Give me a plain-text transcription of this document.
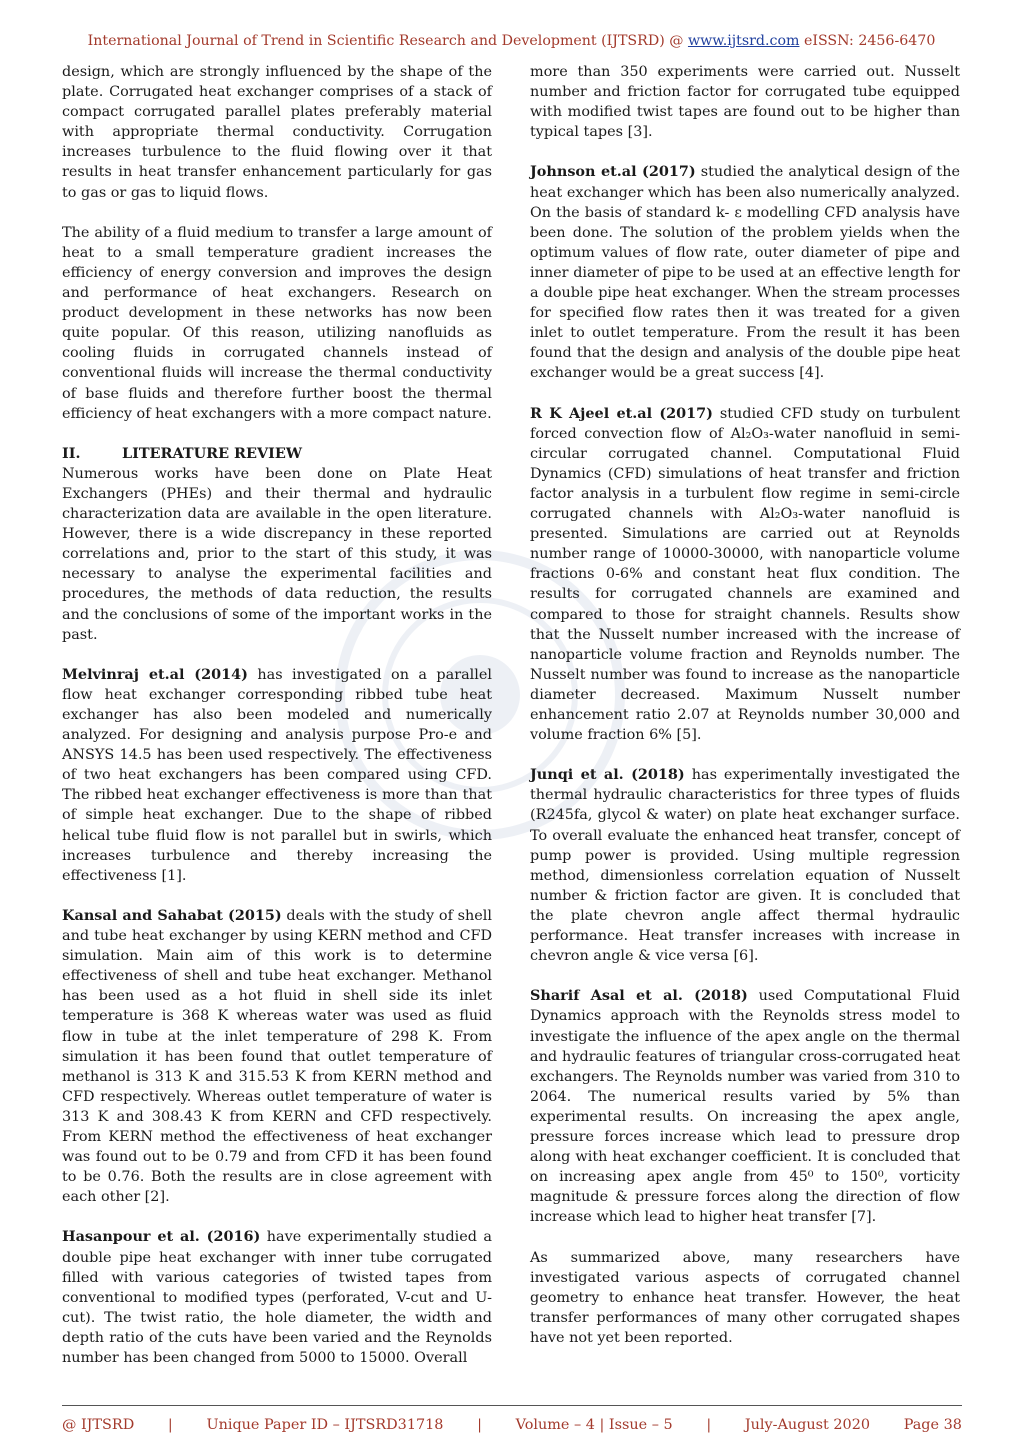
International Journal of Trend in Scientific Research and Development (IJTSRD) @ www.ijtsrd.com eISSN: 2456-6470

design, which are strongly influenced by the shape of the plate. Corrugated heat exchanger comprises of a stack of compact corrugated parallel plates preferably material with appropriate thermal conductivity. Corrugation increases turbulence to the fluid flowing over it that results in heat transfer enhancement particularly for gas to gas or gas to liquid flows.

The ability of a fluid medium to transfer a large amount of heat to a small temperature gradient increases the efficiency of energy conversion and improves the design and performance of heat exchangers. Research on product development in these networks has now been quite popular. Of this reason, utilizing nanofluids as cooling fluids in corrugated channels instead of conventional fluids will increase the thermal conductivity of base fluids and therefore further boost the thermal efficiency of heat exchangers with a more compact nature.

II.	LITERATURE REVIEW

Numerous works have been done on Plate Heat Exchangers (PHEs) and their thermal and hydraulic characterization data are available in the open literature. However, there is a wide discrepancy in these reported correlations and, prior to the start of this study, it was necessary to analyse the experimental facilities and procedures, the methods of data reduction, the results and the conclusions of some of the important works in the past.

Melvinraj et.al (2014) has investigated on a parallel flow heat exchanger corresponding ribbed tube heat exchanger has also been modeled and numerically analyzed. For designing and analysis purpose Pro-e and ANSYS 14.5 has been used respectively. The effectiveness of two heat exchangers has been compared using CFD. The ribbed heat exchanger effectiveness is more than that of simple heat exchanger. Due to the shape of ribbed helical tube fluid flow is not parallel but in swirls, which increases turbulence and thereby increasing the effectiveness [1].

Kansal and Sahabat (2015) deals with the study of shell and tube heat exchanger by using KERN method and CFD simulation. Main aim of this work is to determine effectiveness of shell and tube heat exchanger. Methanol has been used as a hot fluid in shell side its inlet temperature is 368 K whereas water was used as fluid flow in tube at the inlet temperature of 298 K. From simulation it has been found that outlet temperature of methanol is 313 K and 315.53 K from KERN method and CFD respectively. Whereas outlet temperature of water is 313 K and 308.43 K from KERN and CFD respectively. From KERN method the effectiveness of heat exchanger was found out to be 0.79 and from CFD it has been found to be 0.76. Both the results are in close agreement with each other [2].

Hasanpour et al. (2016) have experimentally studied a double pipe heat exchanger with inner tube corrugated filled with various categories of twisted tapes from conventional to modified types (perforated, V-cut and U-cut). The twist ratio, the hole diameter, the width and depth ratio of the cuts have been varied and the Reynolds number has been changed from 5000 to 15000. Overall

more than 350 experiments were carried out. Nusselt number and friction factor for corrugated tube equipped with modified twist tapes are found out to be higher than typical tapes [3].

Johnson et.al (2017) studied the analytical design of the heat exchanger which has been also numerically analyzed. On the basis of standard k- ε modelling CFD analysis have been done. The solution of the problem yields when the optimum values of flow rate, outer diameter of pipe and inner diameter of pipe to be used at an effective length for a double pipe heat exchanger. When the stream processes for specified flow rates then it was treated for a given inlet to outlet temperature. From the result it has been found that the design and analysis of the double pipe heat exchanger would be a great success [4].

R K Ajeel et.al (2017) studied CFD study on turbulent forced convection flow of Al₂O₃-water nanofluid in semi-circular corrugated channel. Computational Fluid Dynamics (CFD) simulations of heat transfer and friction factor analysis in a turbulent flow regime in semi-circle corrugated channels with Al₂O₃-water nanofluid is presented. Simulations are carried out at Reynolds number range of 10000-30000, with nanoparticle volume fractions 0-6% and constant heat flux condition. The results for corrugated channels are examined and compared to those for straight channels. Results show that the Nusselt number increased with the increase of nanoparticle volume fraction and Reynolds number. The Nusselt number was found to increase as the nanoparticle diameter decreased. Maximum Nusselt number enhancement ratio 2.07 at Reynolds number 30,000 and volume fraction 6% [5].

Junqi et al. (2018) has experimentally investigated the thermal hydraulic characteristics for three types of fluids (R245fa, glycol & water) on plate heat exchanger surface. To overall evaluate the enhanced heat transfer, concept of pump power is provided. Using multiple regression method, dimensionless correlation equation of Nusselt number & friction factor are given. It is concluded that the plate chevron angle affect thermal hydraulic performance. Heat transfer increases with increase in chevron angle & vice versa [6].

Sharif Asal et al. (2018) used Computational Fluid Dynamics approach with the Reynolds stress model to investigate the influence of the apex angle on the thermal and hydraulic features of triangular cross-corrugated heat exchangers. The Reynolds number was varied from 310 to 2064. The numerical results varied by 5% than experimental results. On increasing the apex angle, pressure forces increase which lead to pressure drop along with heat exchanger coefficient. It is concluded that on increasing apex angle from 45⁰ to 150⁰, vorticity magnitude & pressure forces along the direction of flow increase which lead to higher heat transfer [7].

As summarized above, many researchers have investigated various aspects of corrugated channel geometry to enhance heat transfer. However, the heat transfer performances of many other corrugated shapes have not yet been reported.

@ IJTSRD | Unique Paper ID – IJTSRD31718 | Volume – 4 | Issue – 5 | July-August 2020 Page 38
